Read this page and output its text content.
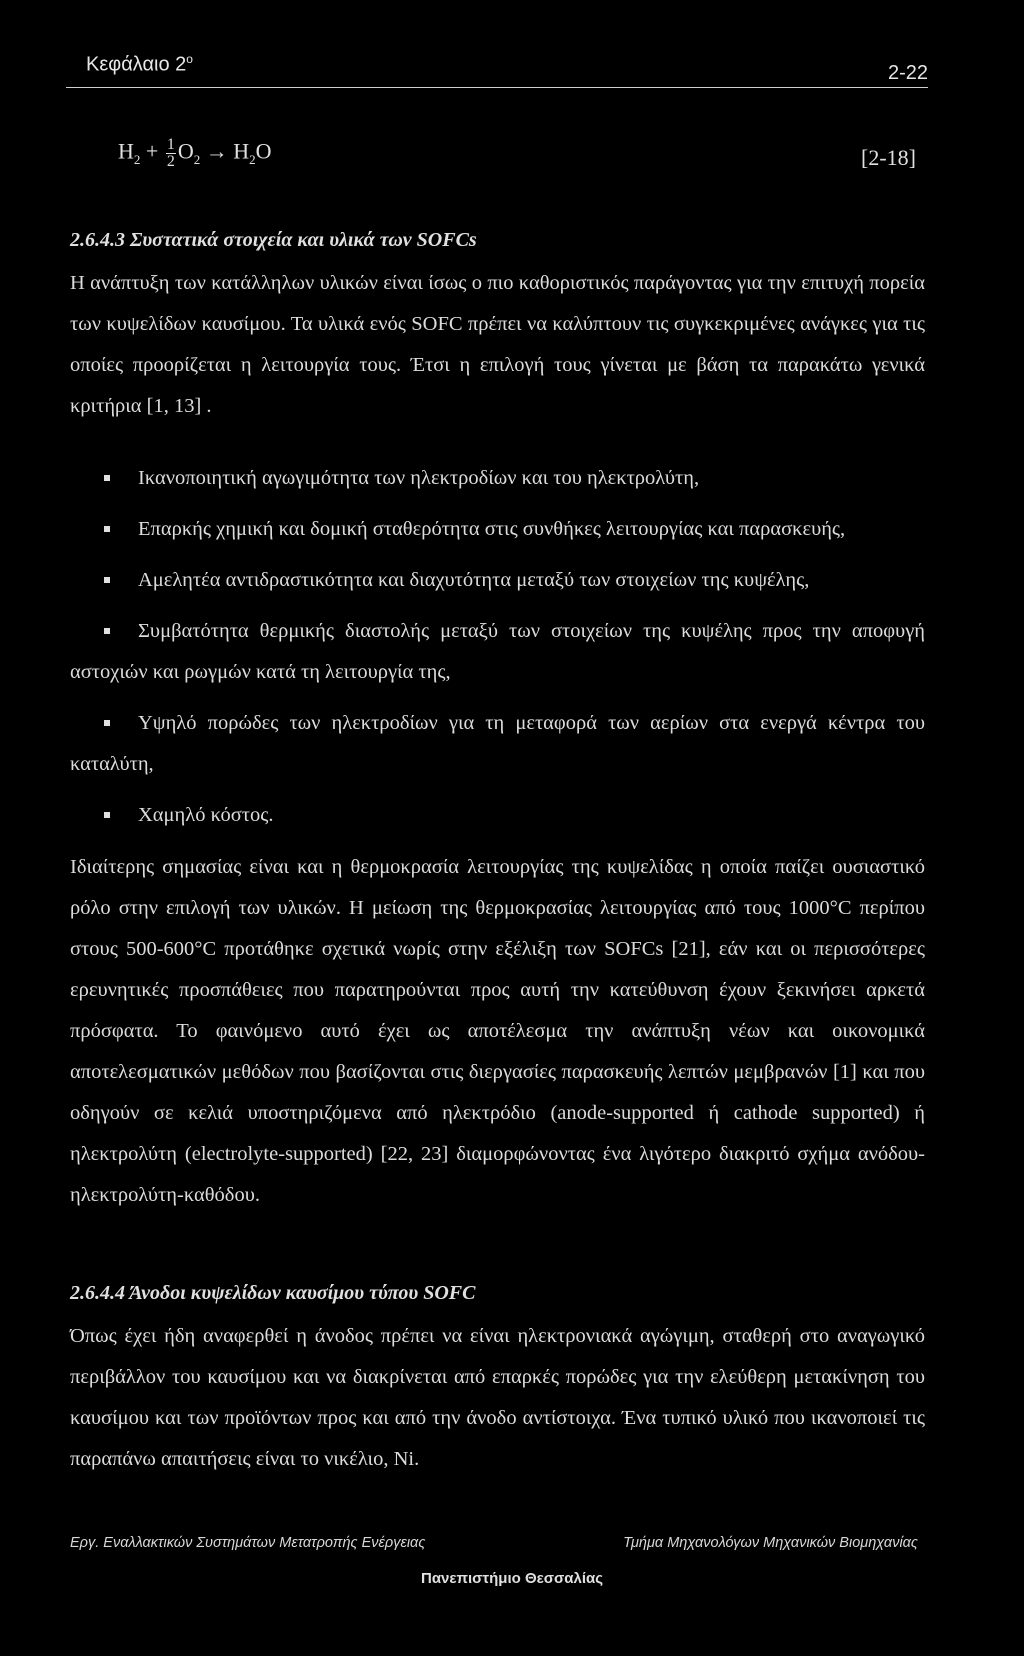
Κεφάλαιο $2^o$
2-22
$H_2 + \frac{1}{2} O_2 \to H_2O$	[2-18]
2.6.4.3 Συστατικά στοιχεία και υλικά των SOFCs

Η ανάπτυξη των κατάλληλων υλικών είναι ίσως ο πιο καθοριστικός παράγοντας για την επιτυχή πορεία των κυψελίδων καυσίμου. Τα υλικά ενός SOFC πρέπει να καλύπτουν τις συγκεκριμένες ανάγκες για τις οποίες προορίζεται η λειτουργία τους. Έτσι η επιλογή τους γίνεται με βάση τα παρακάτω γενικά κριτήρια [1, 13] .

Ικανοποιητική αγωγιμότητα των ηλεκτροδίων και του ηλεκτρολύτη,
Επαρκής χημική και δομική σταθερότητα στις συνθήκες λειτουργίας και παρασκευής,
Αμελητέα αντιδραστικότητα και διαχυτότητα μεταξύ των στοιχείων της κυψέλης,
Συμβατότητα θερμικής διαστολής μεταξύ των στοιχείων της κυψέλης προς την αποφυγή αστοχιών και ρωγμών κατά τη λειτουργία της,
Υψηλό πορώδες των ηλεκτροδίων για τη μεταφορά των αερίων στα ενεργά κέντρα του καταλύτη,
Χαμηλό κόστος.

Ιδιαίτερης σημασίας είναι και η θερμοκρασία λειτουργίας της κυψελίδας η οποία παίζει ουσιαστικό ρόλο στην επιλογή των υλικών. Η μείωση της θερμοκρασίας λειτουργίας από τους 1000°C περίπου στους 500-600°C προτάθηκε σχετικά νωρίς στην εξέλιξη των SOFCs [21], εάν και οι περισσότερες ερευνητικές προσπάθειες που παρατηρούνται προς αυτή την κατεύθυνση έχουν ξεκινήσει αρκετά πρόσφατα. Το φαινόμενο αυτό έχει ως αποτέλεσμα την ανάπτυξη νέων και οικονομικά αποτελεσματικών μεθόδων που βασίζονται στις διεργασίες παρασκευής λεπτών μεμβρανών [1] και που οδηγούν σε κελιά υποστηριζόμενα από ηλεκτρόδιο (anode-supported ή cathode supported) ή ηλεκτρολύτη (electrolyte-supported) [22, 23] διαμορφώνοντας ένα λιγότερο διακριτό σχήμα ανόδου-ηλεκτρολύτη-καθόδου.

2.6.4.4 Άνοδοι κυψελίδων καυσίμου τύπου SOFC

Όπως έχει ήδη αναφερθεί η άνοδος πρέπει να είναι ηλεκτρονιακά αγώγιμη, σταθερή στο αναγωγικό περιβάλλον του καυσίμου και να διακρίνεται από επαρκές πορώδες για την ελεύθερη μετακίνηση του καυσίμου και των προϊόντων προς και από την άνοδο αντίστοιχα. Ένα τυπικό υλικό που ικανοποιεί τις παραπάνω απαιτήσεις είναι το νικέλιο, Ni.

Εργ. Εναλλακτικών Συστημάτων Μετατροπής Ενέργειας	Τμήμα Μηχανολόγων Μηχανικών Βιομηχανίας
Πανεπιστήμιο Θεσσαλίας
